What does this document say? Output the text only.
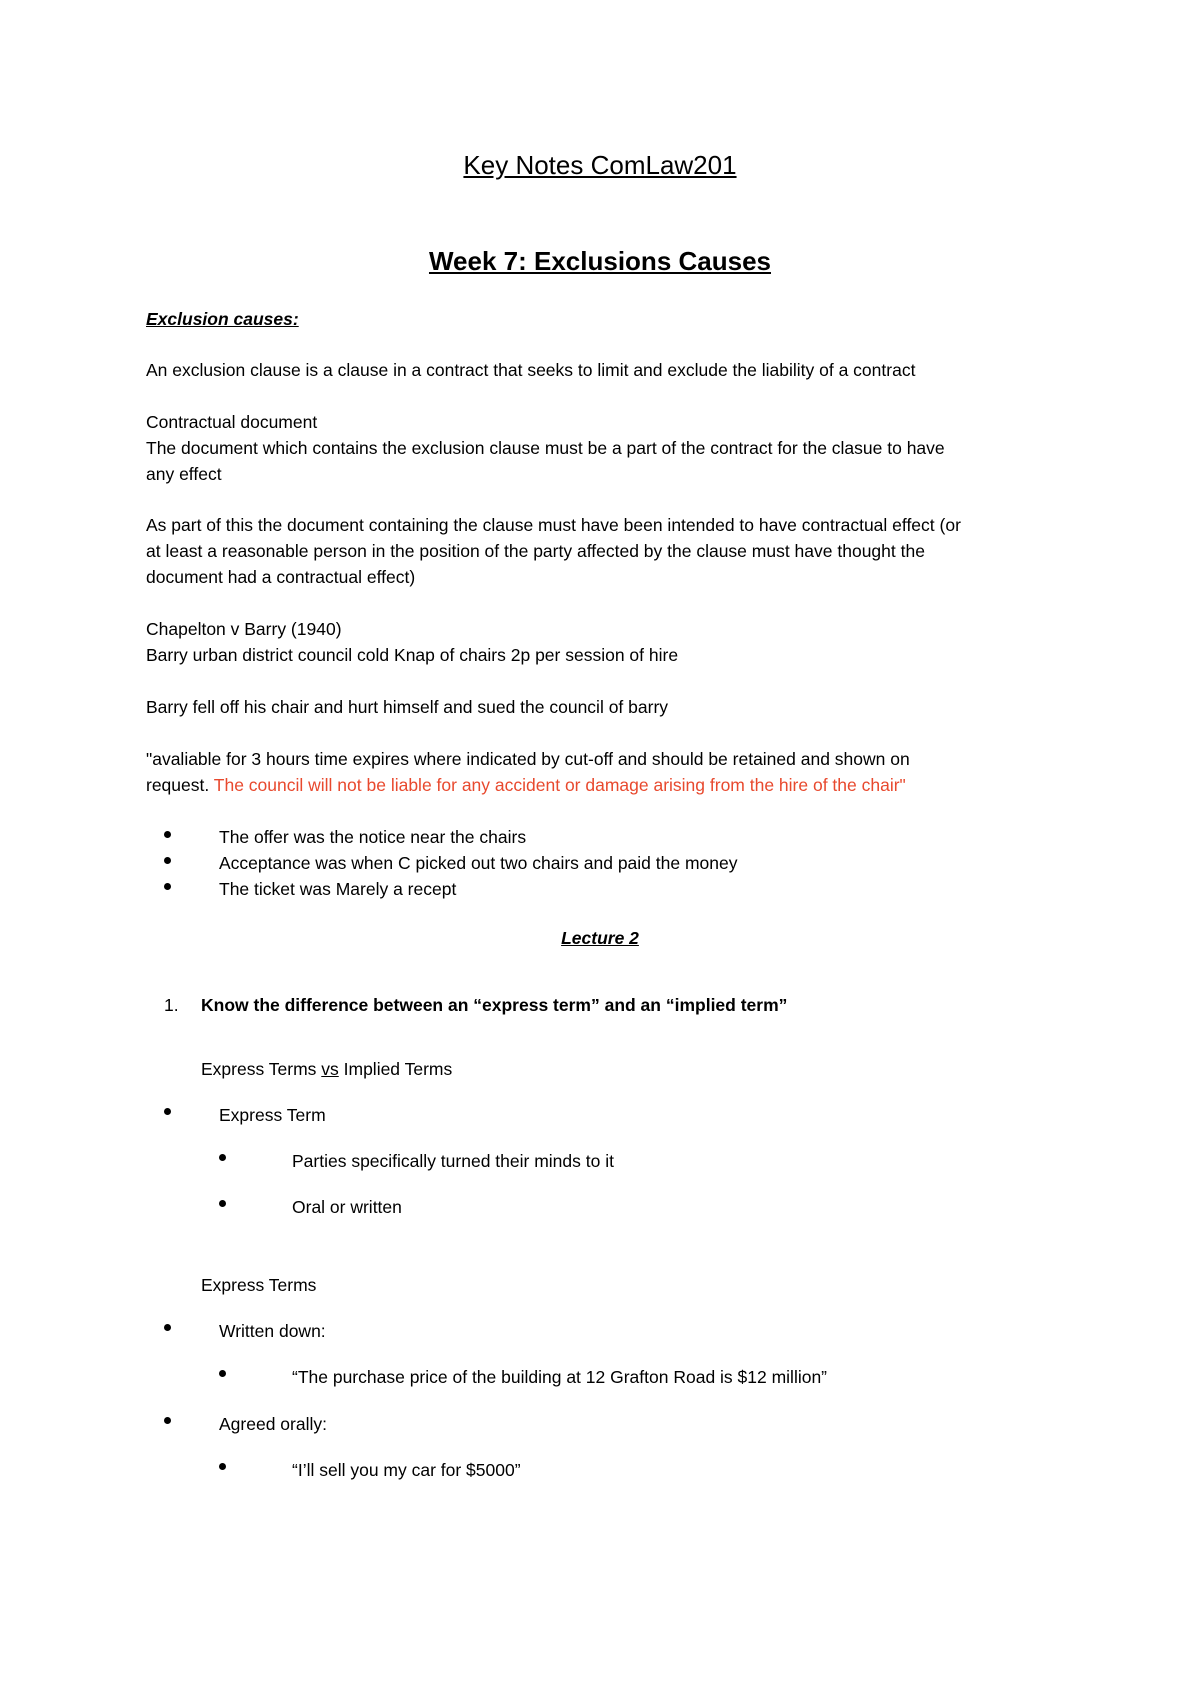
Key Notes ComLaw201
Week 7: Exclusions Causes
Exclusion causes:
An exclusion clause is a clause in a contract that seeks to limit and exclude the liability of a contract
Contractual document
The document which contains the exclusion clause must be a part of the contract for the clasue to have
any effect
As part of this the document containing the clause must have been intended to have contractual effect (or
at least a reasonable person in the position of the party affected by the clause must have thought the
document had a contractual effect)
Chapelton v Barry (1940)
Barry urban district council cold Knap of chairs 2p per session of hire
Barry fell off his chair and hurt himself and sued the council of barry
"avaliable for 3 hours time expires where indicated by cut-off and should be retained and shown on
request. The council will not be liable for any accident or damage arising from the hire of the chair"
The offer was the notice near the chairs
Acceptance was when C picked out two chairs and paid the money
The ticket was Marely a recept
Lecture 2
1. Know the difference between an “express term” and an “implied term”
Express Terms vs Implied Terms
Express Term
Parties specifically turned their minds to it
Oral or written
Express Terms
Written down:
“The purchase price of the building at 12 Grafton Road is $12 million”
Agreed orally:
“I’ll sell you my car for $5000”
